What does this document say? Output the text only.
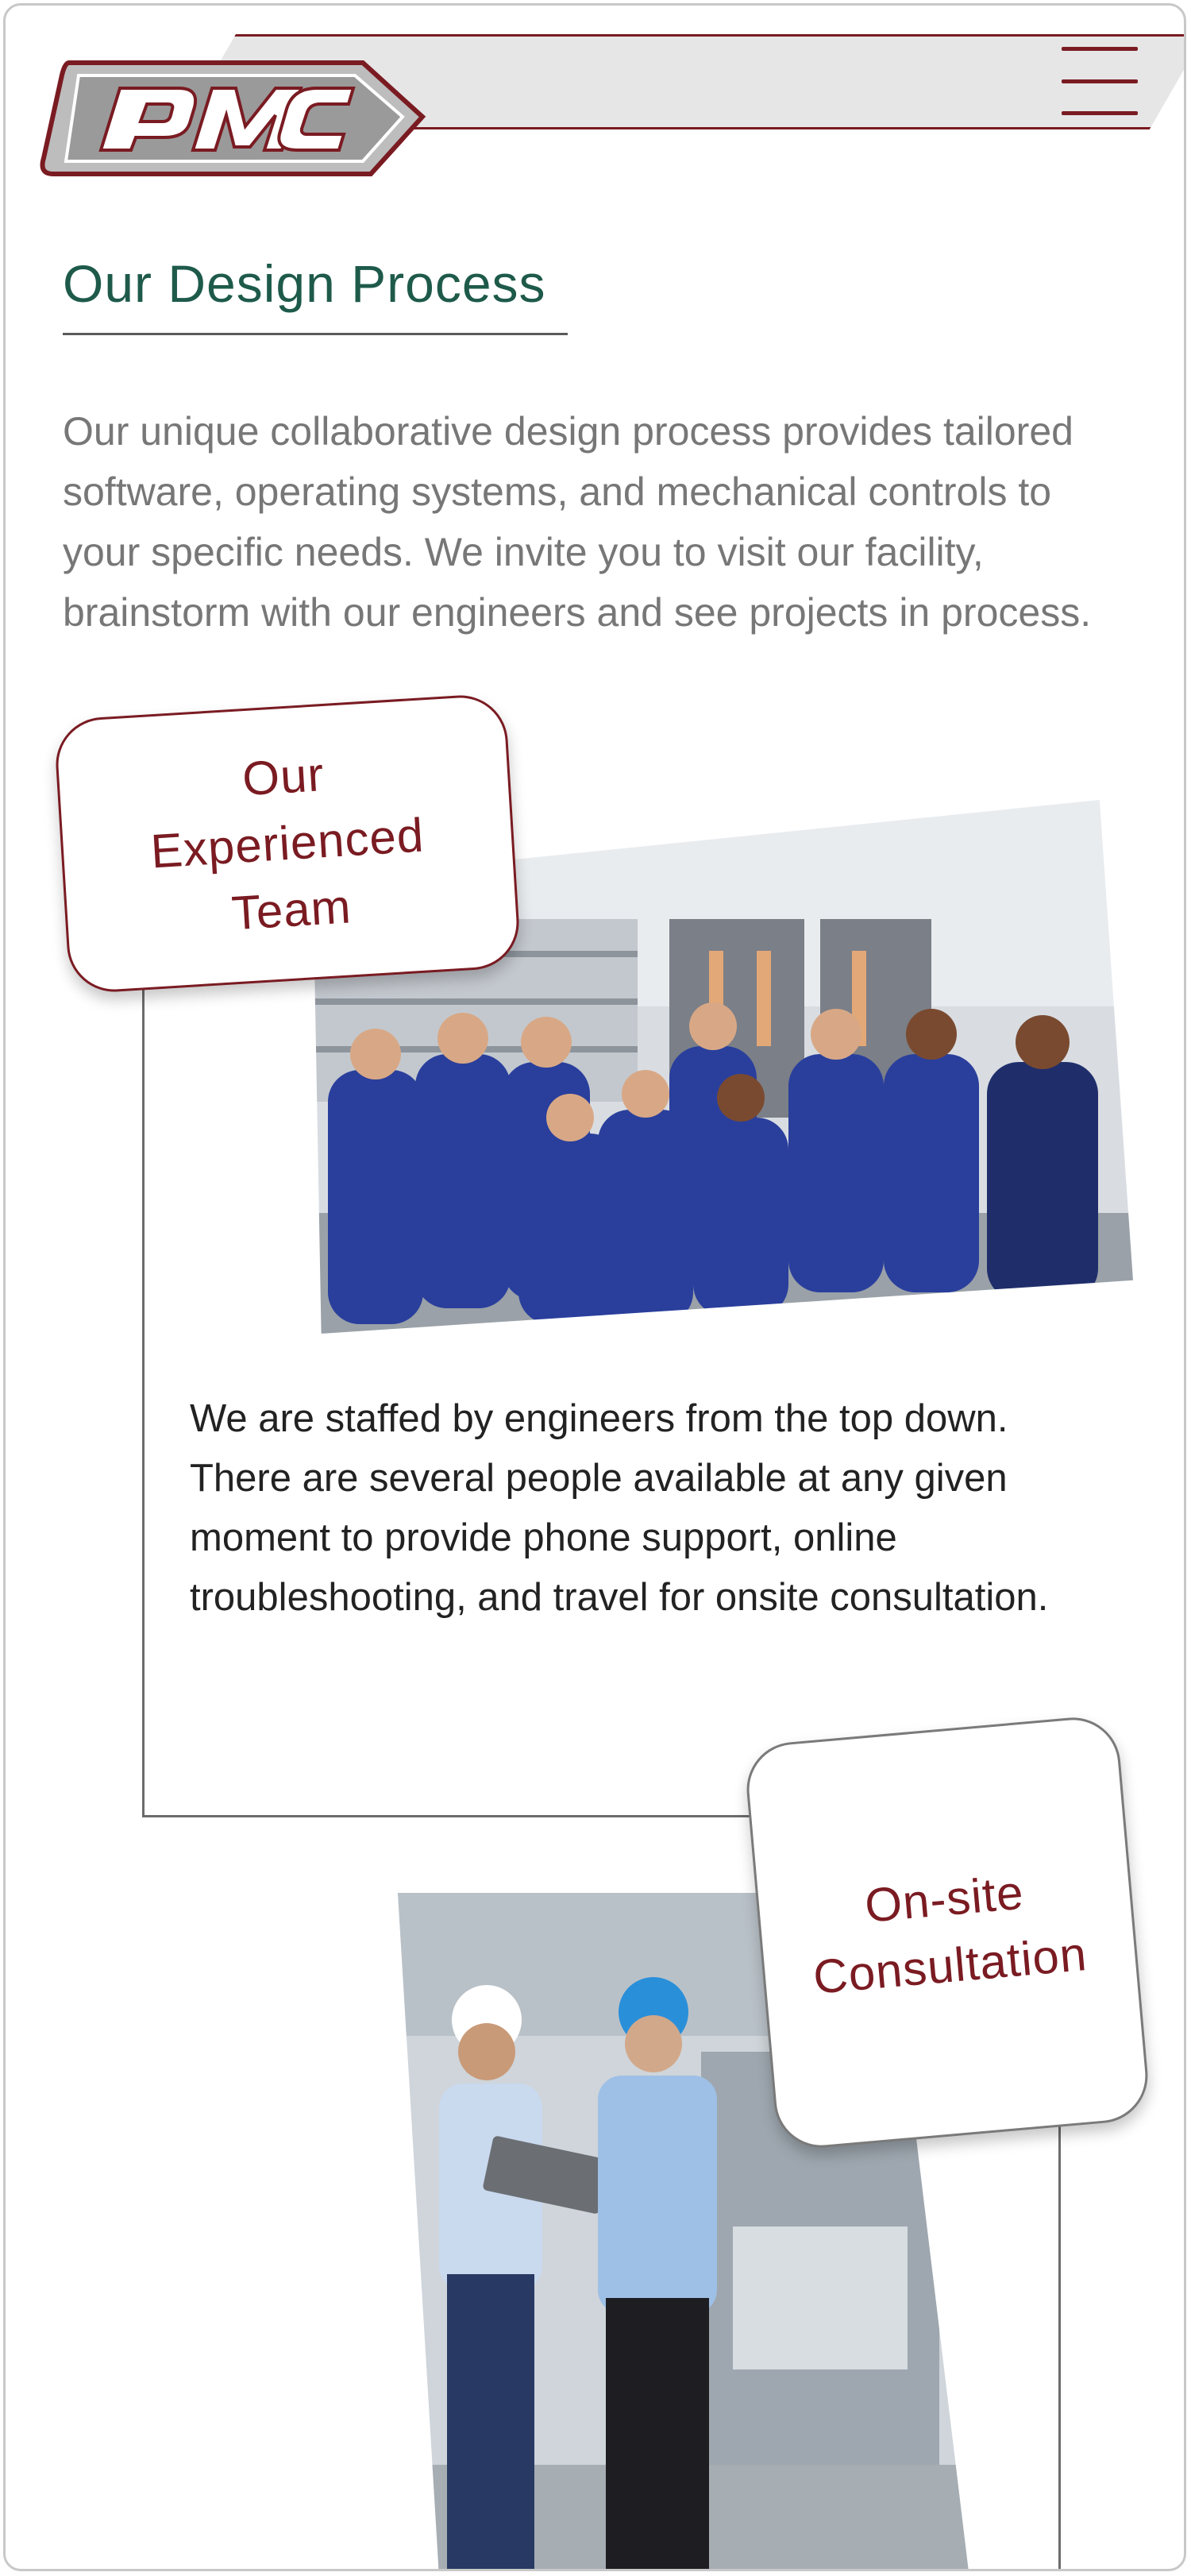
Our Design Process
Our unique collaborative design process provides tailored
software, operating systems, and mechanical controls to
your specific needs. We invite you to visit our facility,
brainstorm with our engineers and see projects in process.
Our
Experienced
Team
We are staffed by engineers from the top down.
There are several people available at any given
moment to provide phone support, online
troubleshooting, and travel for onsite consultation.
On-site
Consultation
